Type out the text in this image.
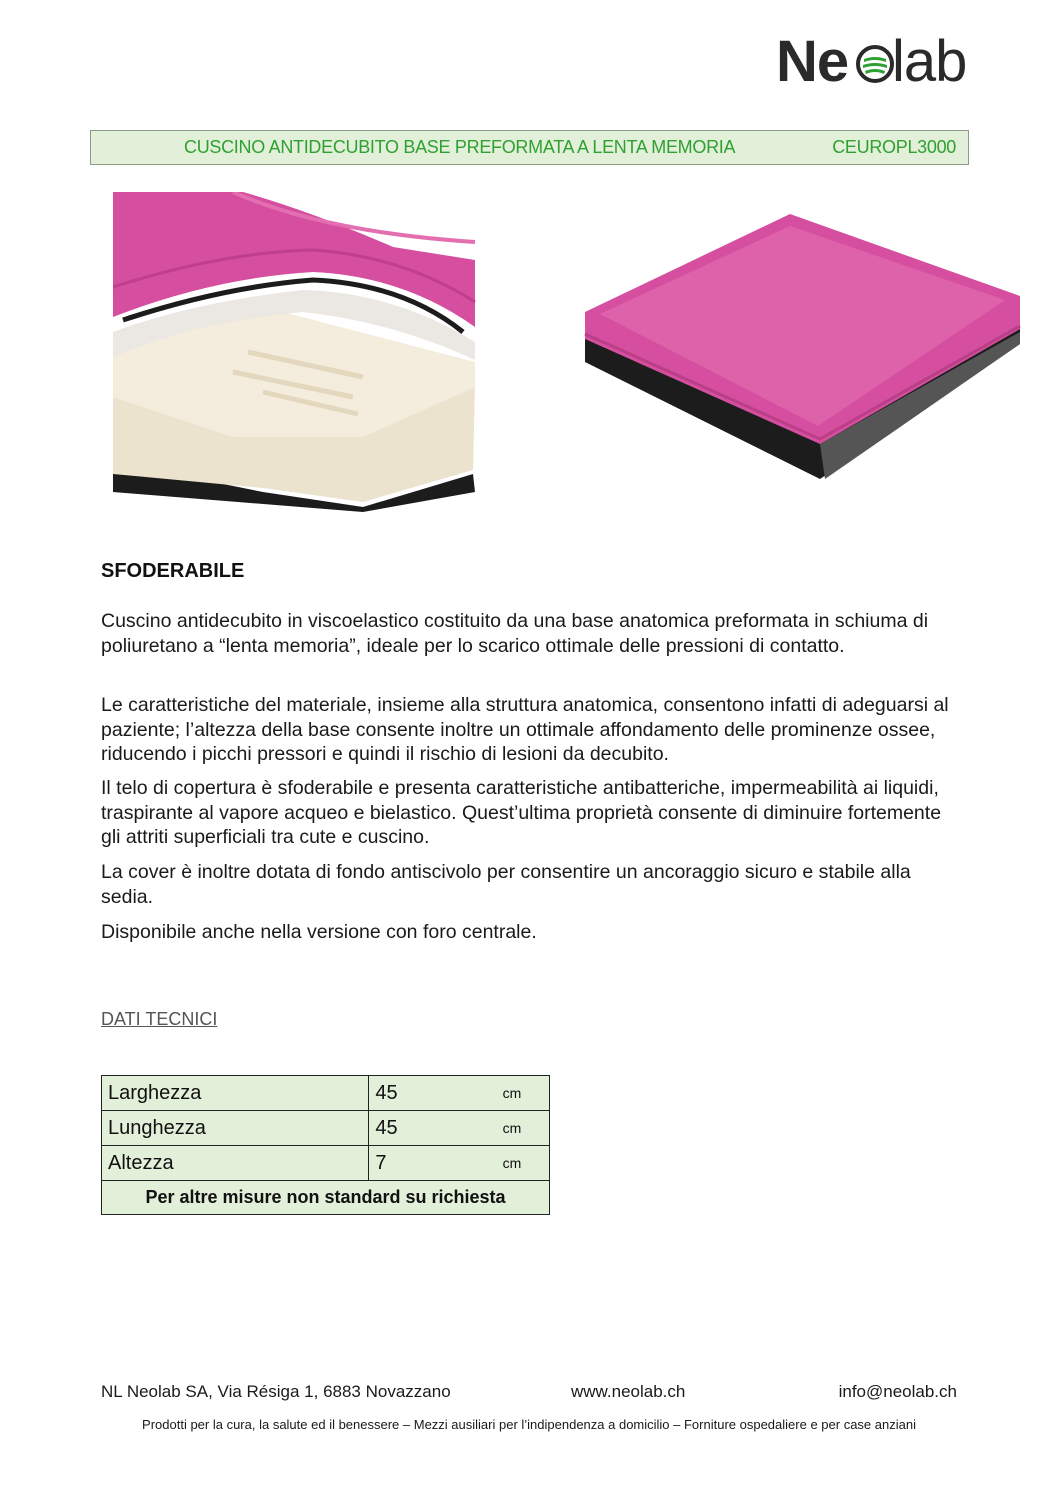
Ne lab
CUSCINO ANTIDECUBITO BASE PREFORMATA A LENTA MEMORIA	CEUROPL3000
SFODERABILE

Cuscino antidecubito in viscoelastico costituito da una base anatomica preformata in schiuma di poliuretano a “lenta memoria”, ideale per lo scarico ottimale delle pressioni di contatto.

Le caratteristiche del materiale, insieme alla struttura anatomica, consentono infatti di adeguarsi al paziente; l’altezza della base consente inoltre un ottimale affondamento delle prominenze ossee, riducendo i picchi pressori e quindi il rischio di lesioni da decubito.

Il telo di copertura è sfoderabile e presenta caratteristiche antibatteriche, impermeabilità ai liquidi, traspirante al vapore acqueo e bielastico. Quest’ultima proprietà consente di diminuire fortemente gli attriti superficiali tra cute e cuscino.

La cover è inoltre dotata di fondo antiscivolo per consentire un ancoraggio sicuro e stabile alla sedia.

Disponibile anche nella versione con foro centrale.

DATI TECNICI
Larghezza	45	cm
Lunghezza	45	cm
Altezza	7	cm
Per altre misure non standard su richiesta		
NL Neolab SA, Via Résiga 1, 6883 Novazzano	www.neolab.ch	info@neolab.ch
Prodotti per la cura, la salute ed il benessere – Mezzi ausiliari per l’indipendenza a domicilio – Forniture ospedaliere e per case anziani
